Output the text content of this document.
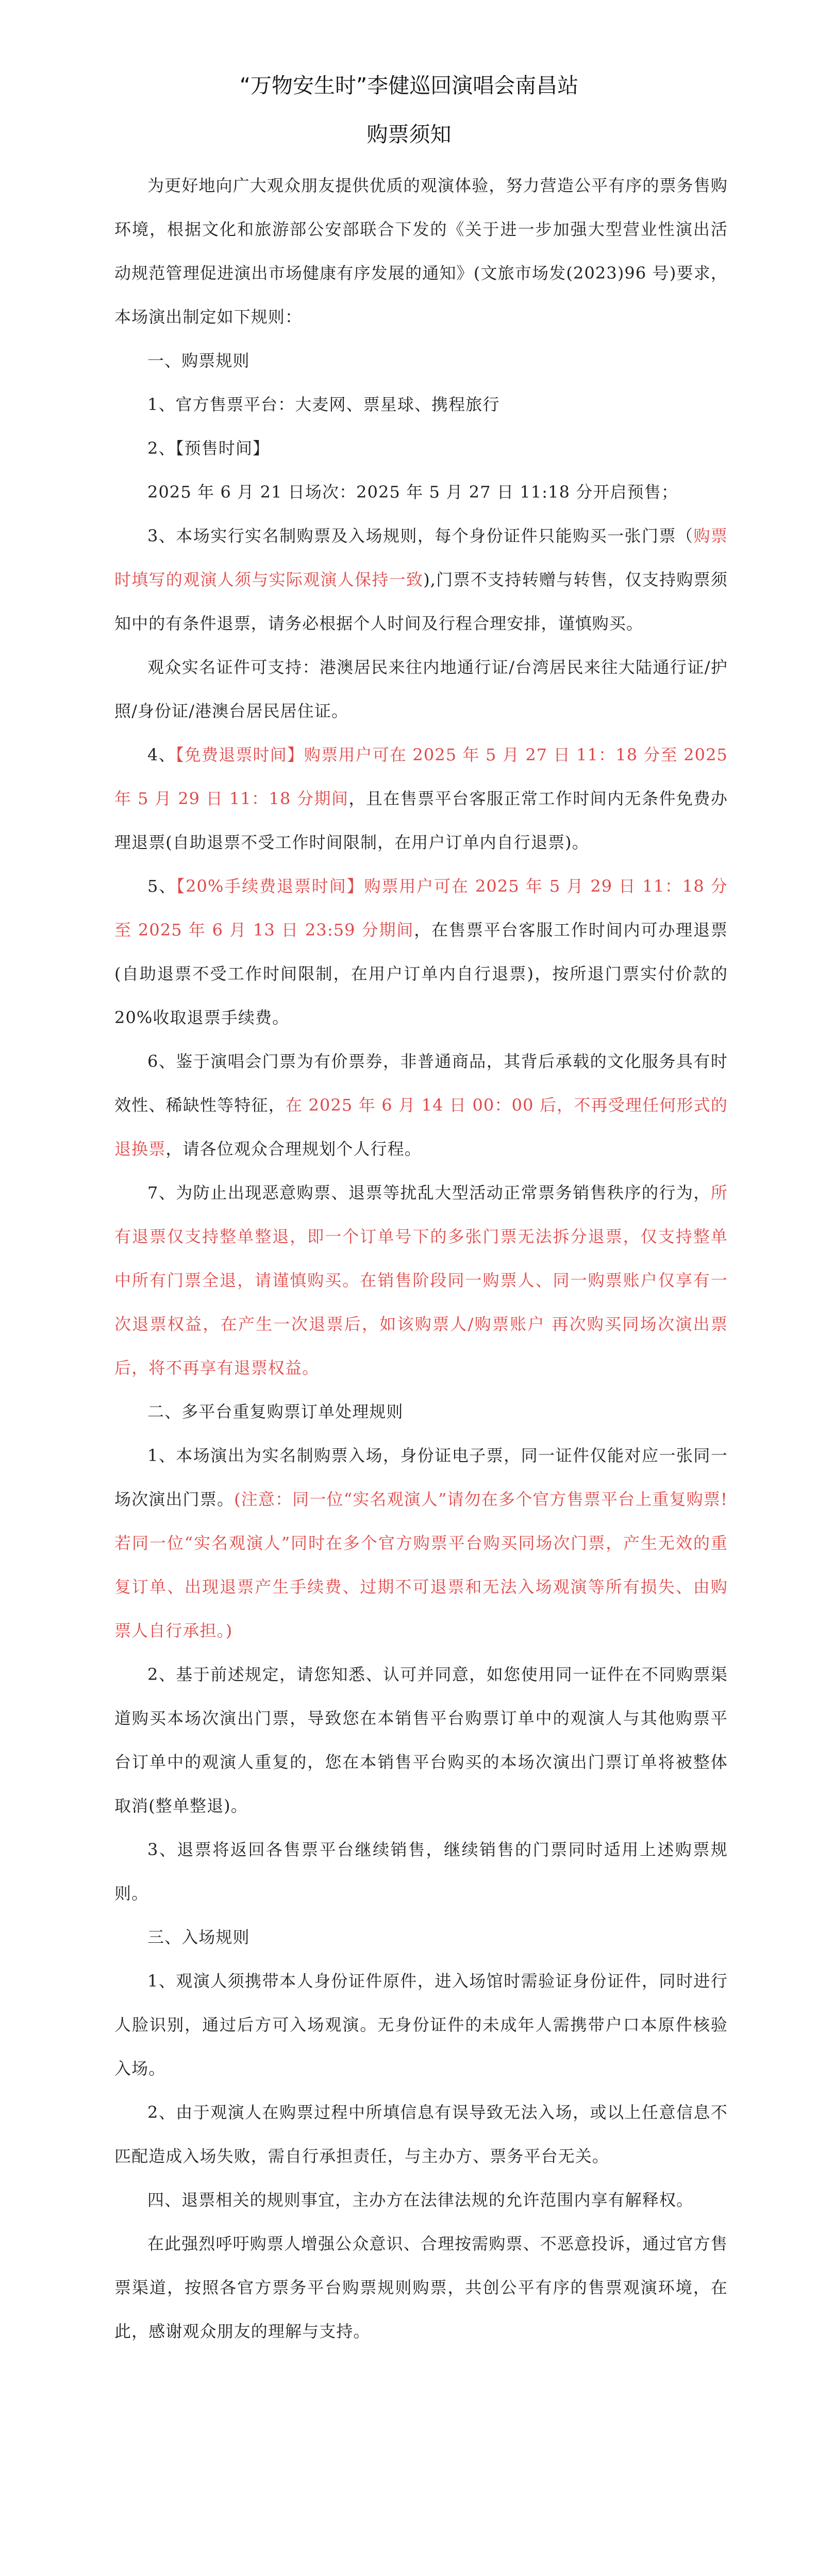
“万物安生时”李健巡回演唱会南昌站
购票须知

为更好地向广大观众朋友提供优质的观演体验，努力营造公平有序的票务售购环境，根据文化和旅游部公安部联合下发的《关于进一步加强大型营业性演出活动规范管理促进演出市场健康有序发展的通知》(文旅市场发(2023)96 号)要求，本场演出制定如下规则：

一、购票规则

1、官方售票平台：大麦网、票星球、携程旅行

2、【预售时间】

2025 年 6 月 21 日场次：2025 年 5 月 27 日 11:18 分开启预售；

3、本场实行实名制购票及入场规则，每个身份证件只能购买一张门票（购票时填写的观演人须与实际观演人保持一致),门票不支持转赠与转售，仅支持购票须知中的有条件退票，请务必根据个人时间及行程合理安排，谨慎购买。

观众实名证件可支持：港澳居民来往内地通行证/台湾居民来往大陆通行证/护照/身份证/港澳台居民居住证。

4、【免费退票时间】购票用户可在 2025 年 5 月 27 日 11：18 分至 2025 年 5 月 29 日 11：18 分期间，且在售票平台客服正常工作时间内无条件免费办理退票(自助退票不受工作时间限制，在用户订单内自行退票)。

5、【20%手续费退票时间】购票用户可在 2025 年 5 月 29 日 11：18 分至 2025 年 6 月 13 日 23:59 分期间，在售票平台客服工作时间内可办理退票(自助退票不受工作时间限制，在用户订单内自行退票)，按所退门票实付价款的 20%收取退票手续费。

6、鉴于演唱会门票为有价票券，非普通商品，其背后承载的文化服务具有时效性、稀缺性等特征，在 2025 年 6 月 14 日 00：00 后，不再受理任何形式的退换票，请各位观众合理规划个人行程。

7、为防止出现恶意购票、退票等扰乱大型活动正常票务销售秩序的行为，所有退票仅支持整单整退，即一个订单号下的多张门票无法拆分退票，仅支持整单中所有门票全退，请谨慎购买。在销售阶段同一购票人、同一购票账户仅享有一次退票权益，在产生一次退票后，如该购票人/购票账户 再次购买同场次演出票后，将不再享有退票权益。

二、多平台重复购票订单处理规则

1、本场演出为实名制购票入场，身份证电子票，同一证件仅能对应一张同一场次演出门票。(注意：同一位“实名观演人”请勿在多个官方售票平台上重复购票!若同一位“实名观演人”同时在多个官方购票平台购买同场次门票，产生无效的重复订单、出现退票产生手续费、过期不可退票和无法入场观演等所有损失、由购票人自行承担。)

2、基于前述规定，请您知悉、认可并同意，如您使用同一证件在不同购票渠道购买本场次演出门票，导致您在本销售平台购票订单中的观演人与其他购票平台订单中的观演人重复的，您在本销售平台购买的本场次演出门票订单将被整体取消(整单整退)。

3、退票将返回各售票平台继续销售，继续销售的门票同时适用上述购票规则。

三、入场规则

1、观演人须携带本人身份证件原件，进入场馆时需验证身份证件，同时进行人脸识别，通过后方可入场观演。无身份证件的未成年人需携带户口本原件核验入场。

2、由于观演人在购票过程中所填信息有误导致无法入场，或以上任意信息不匹配造成入场失败，需自行承担责任，与主办方、票务平台无关。

四、退票相关的规则事宜，主办方在法律法规的允许范围内享有解释权。

在此强烈呼吁购票人增强公众意识、合理按需购票、不恶意投诉，通过官方售票渠道，按照各官方票务平台购票规则购票，共创公平有序的售票观演环境，在此，感谢观众朋友的理解与支持。
